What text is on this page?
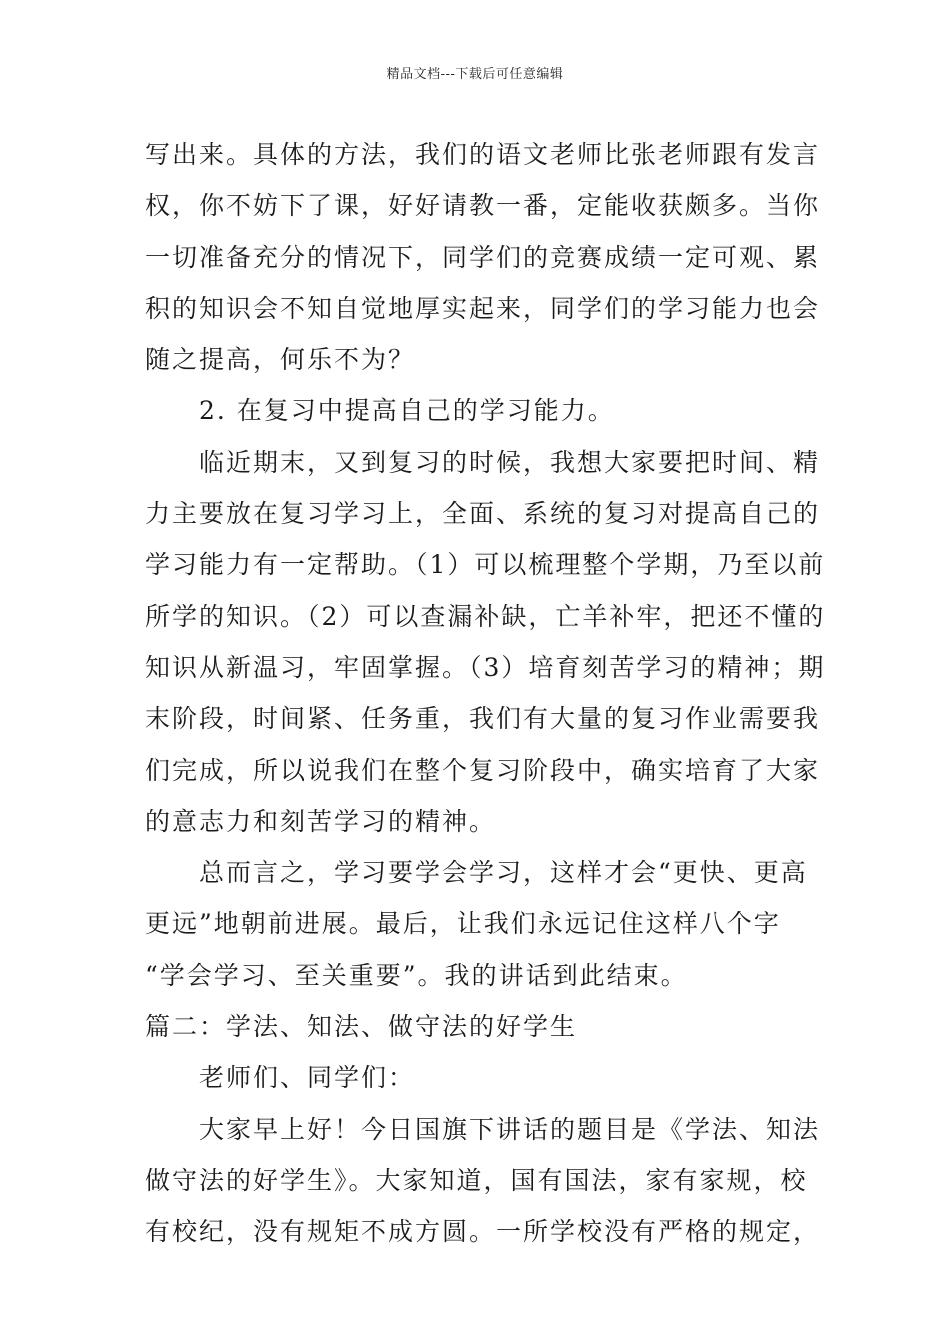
精品文档---下载后可任意编辑
写出来。具体的方法，我们的语文老师比张老师跟有发言
权，你不妨下了课，好好请教一番，定能收获颇多。当你
一切准备充分的情况下，同学们的竞赛成绩一定可观、累
积的知识会不知自觉地厚实起来，同学们的学习能力也会
随之提高，何乐不为？
2. 在复习中提高自己的学习能力。
临近期末，又到复习的时候，我想大家要把时间、精
力主要放在复习学习上，全面、系统的复习对提高自己的
学习能力有一定帮助。（1）可以梳理整个学期，乃至以前
所学的知识。（2）可以查漏补缺，亡羊补牢，把还不懂的
知识从新温习，牢固掌握。（3）培育刻苦学习的精神；期
末阶段，时间紧、任务重，我们有大量的复习作业需要我
们完成，所以说我们在整个复习阶段中，确实培育了大家
的意志力和刻苦学习的精神。
总而言之，学习要学会学习，这样才会“更快、更高
更远”地朝前进展。最后，让我们永远记住这样八个字
“学会学习、至关重要”。我的讲话到此结束。
篇二：学法、知法、做守法的好学生
老师们、同学们：
大家早上好！今日国旗下讲话的题目是《学法、知法
做守法的好学生》。大家知道，国有国法，家有家规，校
有校纪，没有规矩不成方圆。一所学校没有严格的规定，
